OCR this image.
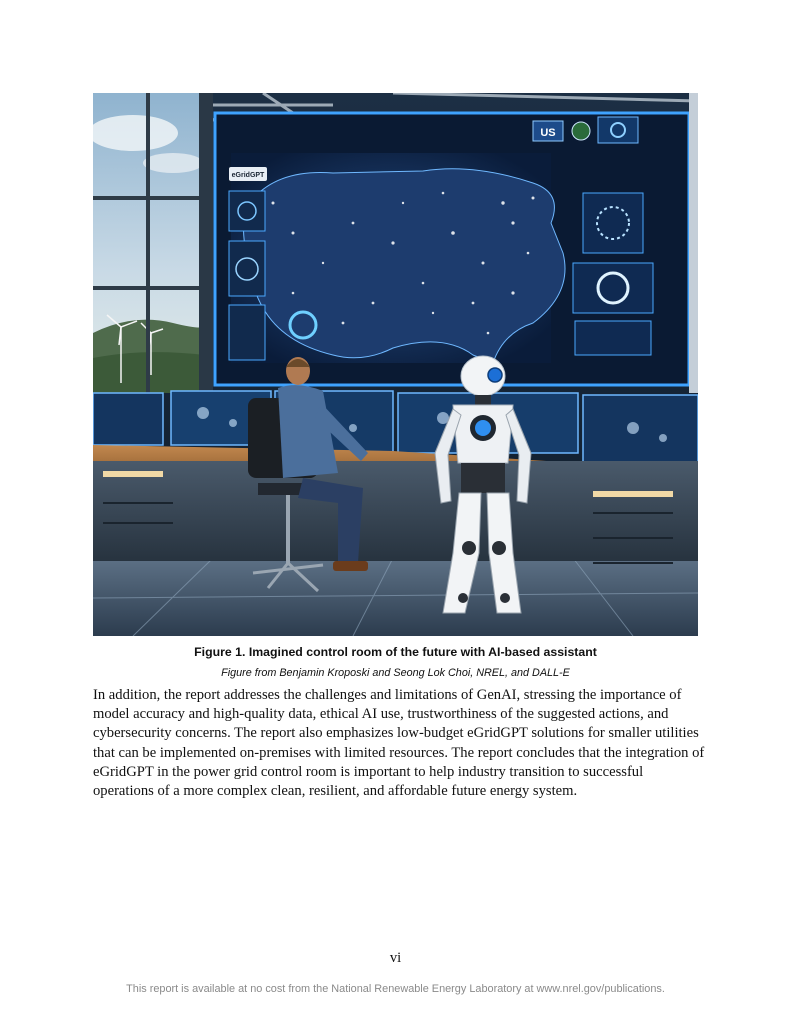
eGridGPT
US
Figure 1. Imagined control room of the future with AI-based assistant
Figure from Benjamin Kroposki and Seong Lok Choi, NREL, and DALL-E

In addition, the report addresses the challenges and limitations of GenAI, stressing the importance of model accuracy and high-quality data, ethical AI use, trustworthiness of the suggested actions, and cybersecurity concerns. The report also emphasizes low-budget eGridGPT solutions for smaller utilities that can be implemented on-premises with limited resources. The report concludes that the integration of eGridGPT in the power grid control room is important to help industry transition to successful operations of a more complex clean, resilient, and affordable future energy system.

vi
This report is available at no cost from the National Renewable Energy Laboratory at www.nrel.gov/publications.
